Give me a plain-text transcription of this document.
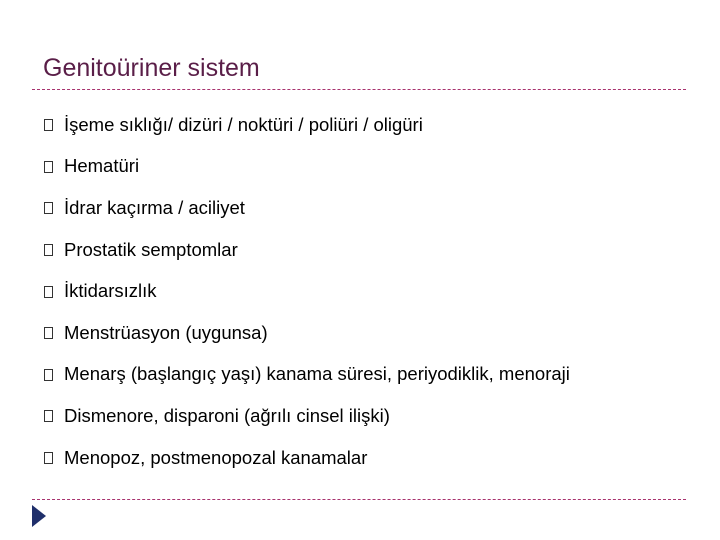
Genitoüriner sistem
İşeme sıklığı/ dizüri / noktüri / poliüri / oligüri
Hematüri
İdrar kaçırma / aciliyet
Prostatik semptomlar
İktidarsızlık
Menstrüasyon (uygunsa)
Menarş (başlangıç yaşı) kanama süresi, periyodiklik, menoraji
Dismenore, disparoni (ağrılı cinsel ilişki)
Menopoz, postmenopozal kanamalar
